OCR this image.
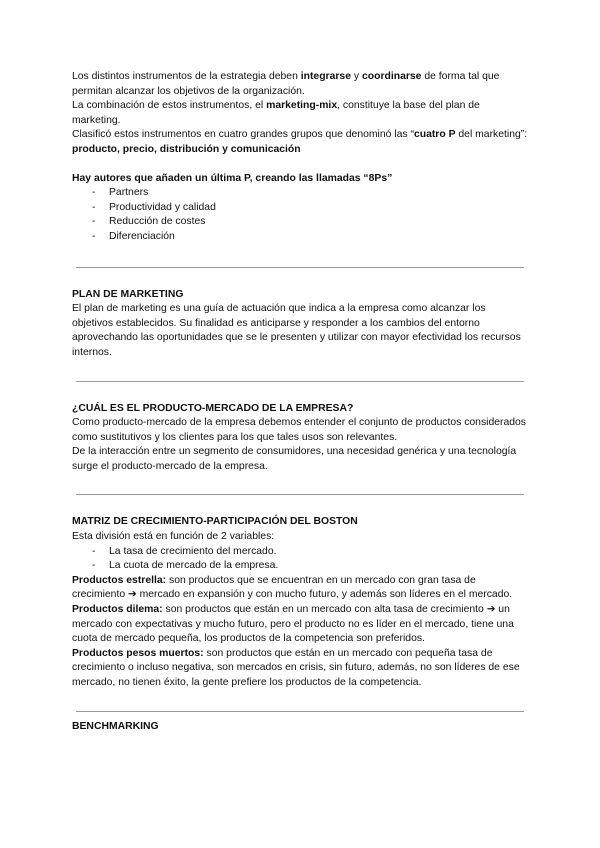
Los distintos instrumentos de la estrategia deben integrarse y coordinarse de forma tal que permitan alcanzar los objetivos de la organización.

La combinación de estos instrumentos, el marketing-mix, constituye la base del plan de marketing.

Clasificó estos instrumentos en cuatro grandes grupos que denominó las “cuatro P del marketing”: producto, precio, distribución y comunicación

Hay autores que añaden un última P, creando las llamadas “8Ps”

- Partners
- Productividad y calidad
- Reducción de costes
- Diferenciación

PLAN DE MARKETING

El plan de marketing es una guía de actuación que indica a la empresa como alcanzar los objetivos establecidos. Su finalidad es anticiparse y responder a los cambios del entorno aprovechando las oportunidades que se le presenten y utilizar con mayor efectividad los recursos internos.

¿CUÁL ES EL PRODUCTO-MERCADO DE LA EMPRESA?

Como producto-mercado de la empresa debemos entender el conjunto de productos considerados como sustitutivos y los clientes para los que tales usos son relevantes.

De la interacción entre un segmento de consumidores, una necesidad genérica y una tecnología surge el producto-mercado de la empresa.

MATRIZ DE CRECIMIENTO-PARTICIPACIÓN DEL BOSTON

Esta división está en función de 2 variables:

- La tasa de crecimiento del mercado.
- La cuota de mercado de la empresa.

Productos estrella: son productos que se encuentran en un mercado con gran tasa de crecimiento ➔ mercado en expansión y con mucho futuro, y además son líderes en el mercado.

Productos dilema: son productos que están en un mercado con alta tasa de crecimiento ➔ un mercado con expectativas y mucho futuro, pero el producto no es líder en el mercado, tiene una cuota de mercado pequeña, los productos de la competencia son preferidos.

Productos pesos muertos: son productos que están en un mercado con pequeña tasa de crecimiento o incluso negativa, son mercados en crisis, sin futuro, además, no son líderes de ese mercado, no tienen éxito, la gente prefiere los productos de la competencia.

BENCHMARKING
